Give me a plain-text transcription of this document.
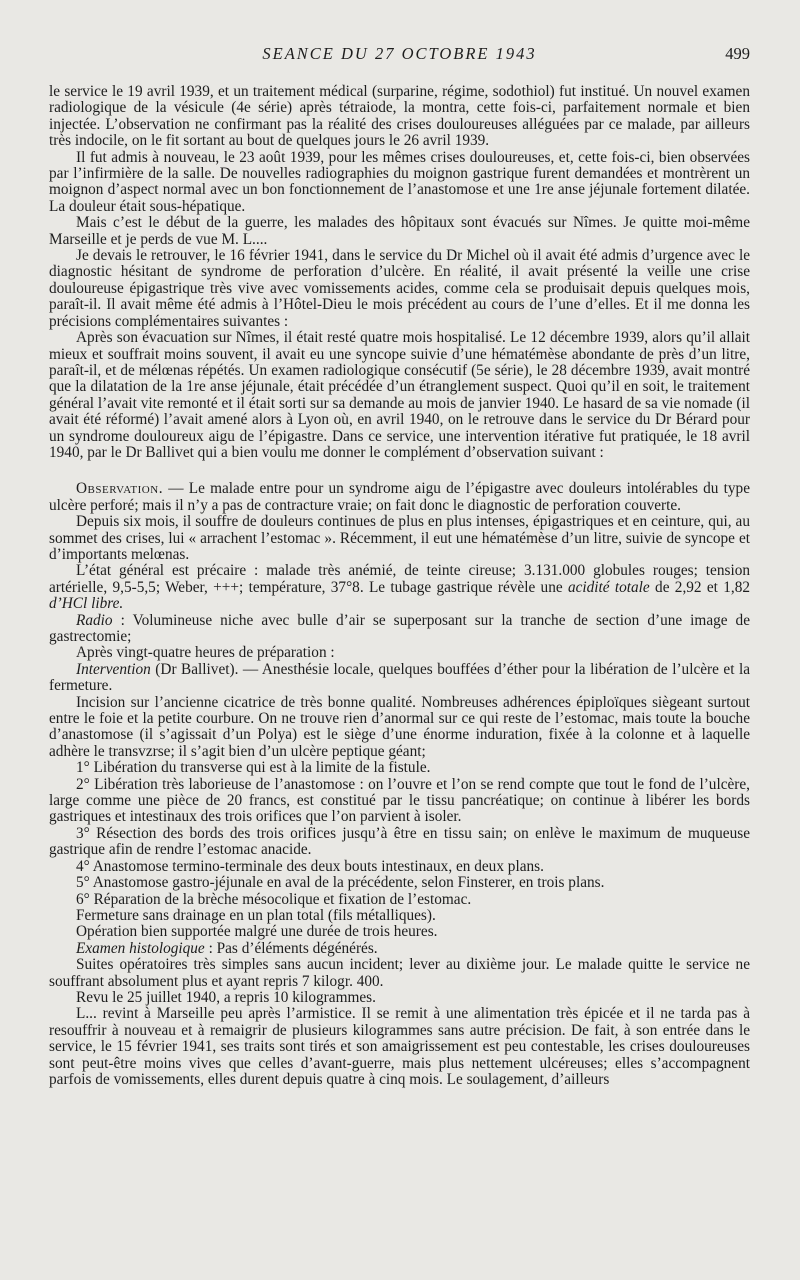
SEANCE DU 27 OCTOBRE 1943	499

le service le 19 avril 1939, et un traitement médical (surparine, régime, sodothiol) fut institué. Un nouvel examen radiologique de la vésicule (4e série) après tétraiode, la montra, cette fois-ci, parfaitement normale et bien injectée. L’observation ne confirmant pas la réalité des crises douloureuses alléguées par ce malade, par ailleurs très indocile, on le fit sortant au bout de quelques jours le 26 avril 1939.

Il fut admis à nouveau, le 23 août 1939, pour les mêmes crises douloureuses, et, cette fois-ci, bien observées par l’infirmière de la salle. De nouvelles radiographies du moignon gastrique furent demandées et montrèrent un moignon d’aspect normal avec un bon fonctionnement de l’anastomose et une 1re anse jéjunale fortement dilatée. La douleur était sous-hépatique.

Mais c’est le début de la guerre, les malades des hôpitaux sont évacués sur Nîmes. Je quitte moi-même Marseille et je perds de vue M. L....

Je devais le retrouver, le 16 février 1941, dans le service du Dr Michel où il avait été admis d’urgence avec le diagnostic hésitant de syndrome de perforation d’ulcère. En réalité, il avait présenté la veille une crise douloureuse épigastrique très vive avec vomissements acides, comme cela se produisait depuis quelques mois, paraît-il. Il avait même été admis à l’Hôtel-Dieu le mois précédent au cours de l’une d’elles. Et il me donna les précisions complémentaires suivantes :

Après son évacuation sur Nîmes, il était resté quatre mois hospitalisé. Le 12 décembre 1939, alors qu’il allait mieux et souffrait moins souvent, il avait eu une syncope suivie d’une hématémèse abondante de près d’un litre, paraît-il, et de mélœnas répétés. Un examen radiologique consécutif (5e série), le 28 décembre 1939, avait montré que la dilatation de la 1re anse jéjunale, était précédée d’un étranglement suspect. Quoi qu’il en soit, le traitement général l’avait vite remonté et il était sorti sur sa demande au mois de janvier 1940. Le hasard de sa vie nomade (il avait été réformé) l’avait amené alors à Lyon où, en avril 1940, on le retrouve dans le service du Dr Bérard pour un syndrome douloureux aigu de l’épigastre. Dans ce service, une intervention itérative fut pratiquée, le 18 avril 1940, par le Dr Ballivet qui a bien voulu me donner le complément d’observation suivant :

Observation. — Le malade entre pour un syndrome aigu de l’épigastre avec douleurs intolérables du type ulcère perforé; mais il n’y a pas de contracture vraie; on fait donc le diagnostic de perforation couverte.

Depuis six mois, il souffre de douleurs continues de plus en plus intenses, épigastriques et en ceinture, qui, au sommet des crises, lui « arrachent l’estomac ». Récemment, il eut une hématémèse d’un litre, suivie de syncope et d’importants melœnas.

L’état général est précaire : malade très anémié, de teinte cireuse; 3.131.000 globules rouges; tension artérielle, 9,5-5,5; Weber, +++; température, 37°8. Le tubage gastrique révèle une acidité totale de 2,92 et 1,82 d’HCl libre.

Radio : Volumineuse niche avec bulle d’air se superposant sur la tranche de section d’une image de gastrectomie;

Après vingt-quatre heures de préparation :

Intervention (Dr Ballivet). — Anesthésie locale, quelques bouffées d’éther pour la libération de l’ulcère et la fermeture.

Incision sur l’ancienne cicatrice de très bonne qualité. Nombreuses adhérences épiploïques siègeant surtout entre le foie et la petite courbure. On ne trouve rien d’anormal sur ce qui reste de l’estomac, mais toute la bouche d’anastomose (il s’agissait d’un Polya) est le siège d’une énorme induration, fixée à la colonne et à laquelle adhère le transvzrse; il s’agit bien d’un ulcère peptique géant;

1° Libération du transverse qui est à la limite de la fistule.

2° Libération très laborieuse de l’anastomose : on l’ouvre et l’on se rend compte que tout le fond de l’ulcère, large comme une pièce de 20 francs, est constitué par le tissu pancréatique; on continue à libérer les bords gastriques et intestinaux des trois orifices que l’on parvient à isoler.

3° Résection des bords des trois orifices jusqu’à être en tissu sain; on enlève le maximum de muqueuse gastrique afin de rendre l’estomac anacide.

4° Anastomose termino-terminale des deux bouts intestinaux, en deux plans.

5° Anastomose gastro-jéjunale en aval de la précédente, selon Finsterer, en trois plans.

6° Réparation de la brèche mésocolique et fixation de l’estomac.

Fermeture sans drainage en un plan total (fils métalliques).

Opération bien supportée malgré une durée de trois heures.

Examen histologique : Pas d’éléments dégénérés.

Suites opératoires très simples sans aucun incident; lever au dixième jour. Le malade quitte le service ne souffrant absolument plus et ayant repris 7 kilogr. 400.

Revu le 25 juillet 1940, a repris 10 kilogrammes.

L... revint à Marseille peu après l’armistice. Il se remit à une alimentation très épicée et il ne tarda pas à resouffrir à nouveau et à remaigrir de plusieurs kilogrammes sans autre précision. De fait, à son entrée dans le service, le 15 février 1941, ses traits sont tirés et son amaigrissement est peu contestable, les crises douloureuses sont peut-être moins vives que celles d’avant-guerre, mais plus nettement ulcéreuses; elles s’accompagnent parfois de vomissements, elles durent depuis quatre à cinq mois. Le soulagement, d’ailleurs
